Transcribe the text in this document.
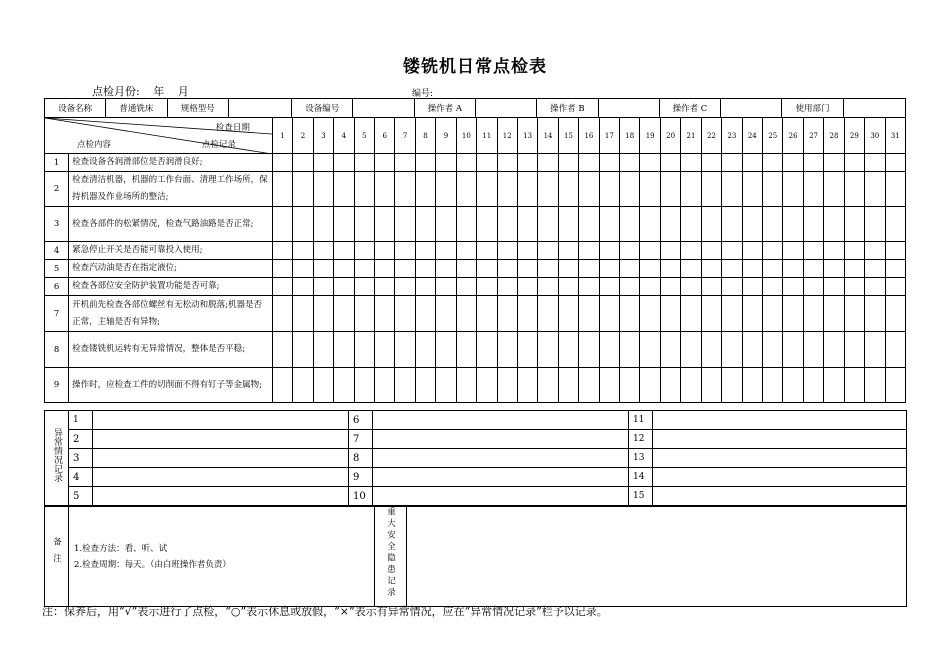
镂铣机日常点检表
点检月份: 年 月	编号:
设备名称	普通铣床	规格型号		设备编号		操作者 A		操作者 B		操作者 C		使用部门	
检查日期
点检内容 点检记录		1	2	3	4	5	6	7	8	9	10	11	12	13	14	15	16	17	18	19	20	21	22	23	24	25	26	27	28	29	30	31
1	检查设备各润滑部位是否润滑良好;																															
2	检查清洁机器，机器的工作台面、清理工作场所，保持机器及作业场所的整洁;																															
3	检查各部件的松紧情况，检查气路油路是否正常;																															
4	紧急停止开关是否能可靠投入使用;																															
5	检查汽动油是否在指定液位;																															
6	检查各部位安全防护装置功能是否可靠;																															
7	开机前先检查各部位螺丝有无松动和脱落;机器是否正常，主轴是否有异物;																															
8	检查镂铣机运转有无异常情况，整体是否平稳;																															
9	操作时，应检查工件的切削面不得有钉子等金属物;																															
异常情况记录	1		6		11	
	2		7		12	
	3		8		13	
	4		9		14	
	5		10		15	
备注	1.检查方法：看、听、试
2.检查周期：每天。（由白班操作者负责）	重大安全隐患记录	
注：保养后，用“√”表示进行了点检，“○”表示休息或放假，“×”表示有异常情况，应在“异常情况记录”栏予以记录。
